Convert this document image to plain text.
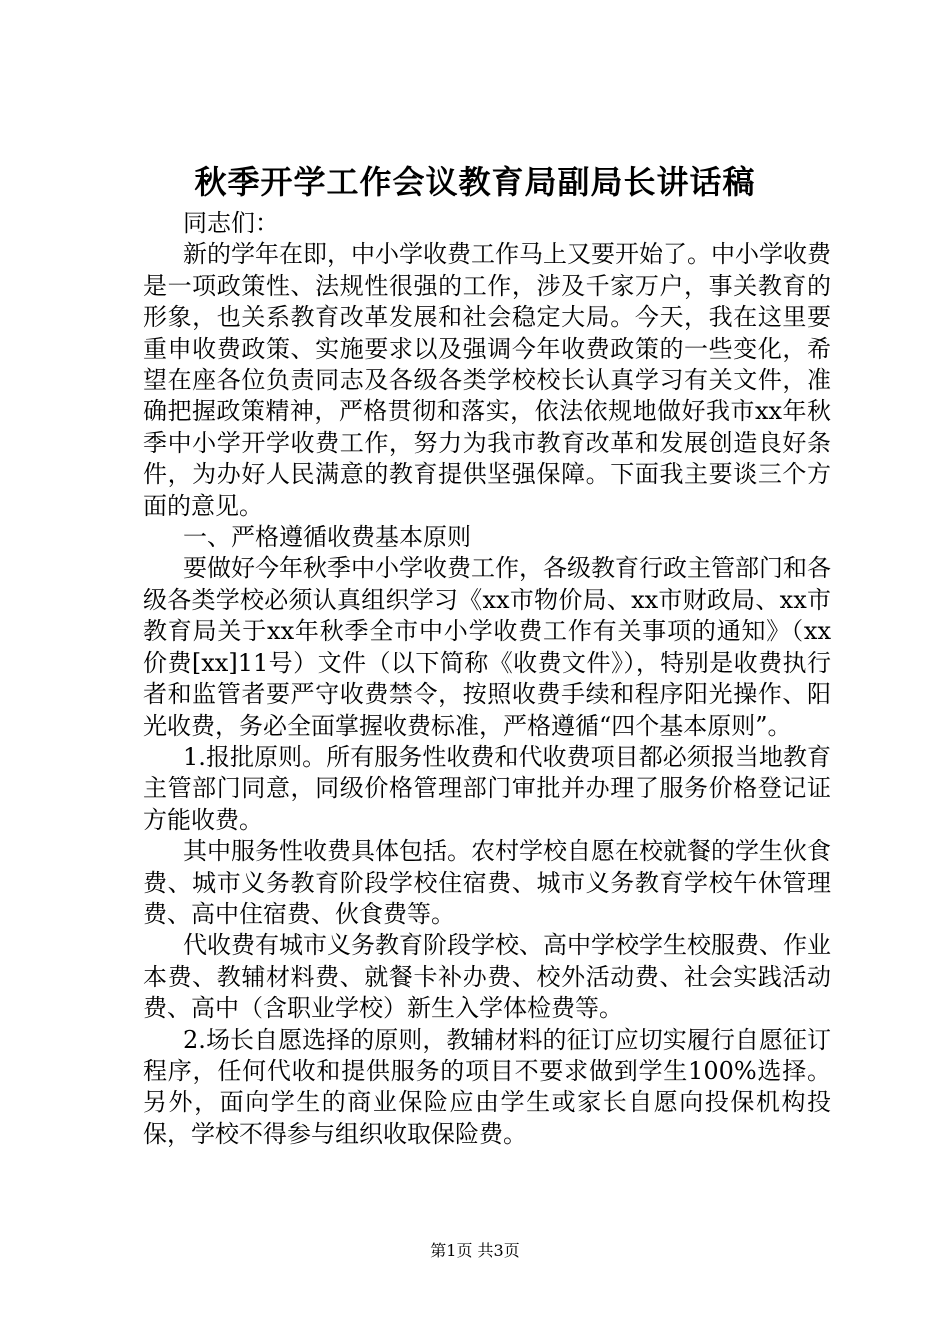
秋季开学工作会议教育局副局长讲话稿

同志们：

新的学年在即，中小学收费工作马上又要开始了。中小学收费是一项政策性、法规性很强的工作，涉及千家万户，事关教育的形象，也关系教育改革发展和社会稳定大局。今天，我在这里要重申收费政策、实施要求以及强调今年收费政策的一些变化，希望在座各位负责同志及各级各类学校校长认真学习有关文件，准确把握政策精神，严格贯彻和落实，依法依规地做好我市xx年秋季中小学开学收费工作，努力为我市教育改革和发展创造良好条件，为办好人民满意的教育提供坚强保障。下面我主要谈三个方面的意见。

一、严格遵循收费基本原则

要做好今年秋季中小学收费工作，各级教育行政主管部门和各级各类学校必须认真组织学习《xx市物价局、xx市财政局、xx市教育局关于xx年秋季全市中小学收费工作有关事项的通知》（xx价费[xx]11号）文件（以下简称《收费文件》），特别是收费执行者和监管者要严守收费禁令，按照收费手续和程序阳光操作、阳光收费，务必全面掌握收费标准，严格遵循“四个基本原则”。

1.报批原则。所有服务性收费和代收费项目都必须报当地教育主管部门同意，同级价格管理部门审批并办理了服务价格登记证方能收费。

其中服务性收费具体包括。农村学校自愿在校就餐的学生伙食费、城市义务教育阶段学校住宿费、城市义务教育学校午休管理费、高中住宿费、伙食费等。

代收费有城市义务教育阶段学校、高中学校学生校服费、作业本费、教辅材料费、就餐卡补办费、校外活动费、社会实践活动费、高中（含职业学校）新生入学体检费等。

2.场长自愿选择的原则，教辅材料的征订应切实履行自愿征订程序，任何代收和提供服务的项目不要求做到学生100%选择。另外，面向学生的商业保险应由学生或家长自愿向投保机构投保，学校不得参与组织收取保险费。

第1页 共3页
